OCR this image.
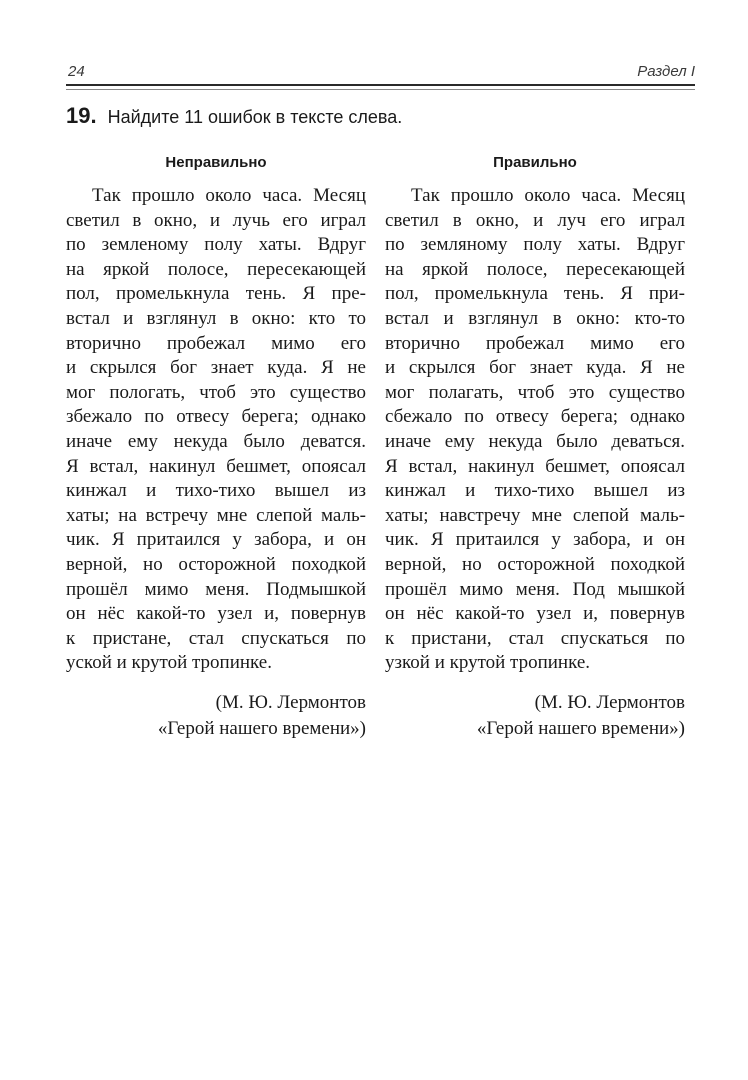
24	Раздел I
19. Найдите 11 ошибок в тексте слева.
Неправильно
Так прошло около часа. Месяц
светил в окно, и лучь его играл
по земленому полу хаты. Вдруг
на яркой полосе, пересекающей
пол, промелькнула тень. Я пре-
встал и взглянул в окно: кто то
вторично пробежал мимо его
и скрылся бог знает куда. Я не
мог пологать, чтоб это существо
збежало по отвесу берега; однако
иначе ему некуда было деватся.
Я встал, накинул бешмет, опоясал
кинжал и тихо-тихо вышел из
хаты; на встречу мне слепой маль-
чик. Я притаился у забора, и он
верной, но осторожной походкой
прошёл мимо меня. Подмышкой
он нёс какой-то узел и, повернув
к пристане, стал спускаться по
уской и крутой тропинке.
(М. Ю. Лермонтов
«Герой нашего времени»)
Правильно
Так прошло около часа. Месяц
светил в окно, и луч его играл
по земляному полу хаты. Вдруг
на яркой полосе, пересекающей
пол, промелькнула тень. Я при-
встал и взглянул в окно: кто-то
вторично пробежал мимо его
и скрылся бог знает куда. Я не
мог полагать, чтоб это существо
сбежало по отвесу берега; однако
иначе ему некуда было деваться.
Я встал, накинул бешмет, опоясал
кинжал и тихо-тихо вышел из
хаты; навстречу мне слепой маль-
чик. Я притаился у забора, и он
верной, но осторожной походкой
прошёл мимо меня. Под мышкой
он нёс какой-то узел и, повернув
к пристани, стал спускаться по
узкой и крутой тропинке.
(М. Ю. Лермонтов
«Герой нашего времени»)
